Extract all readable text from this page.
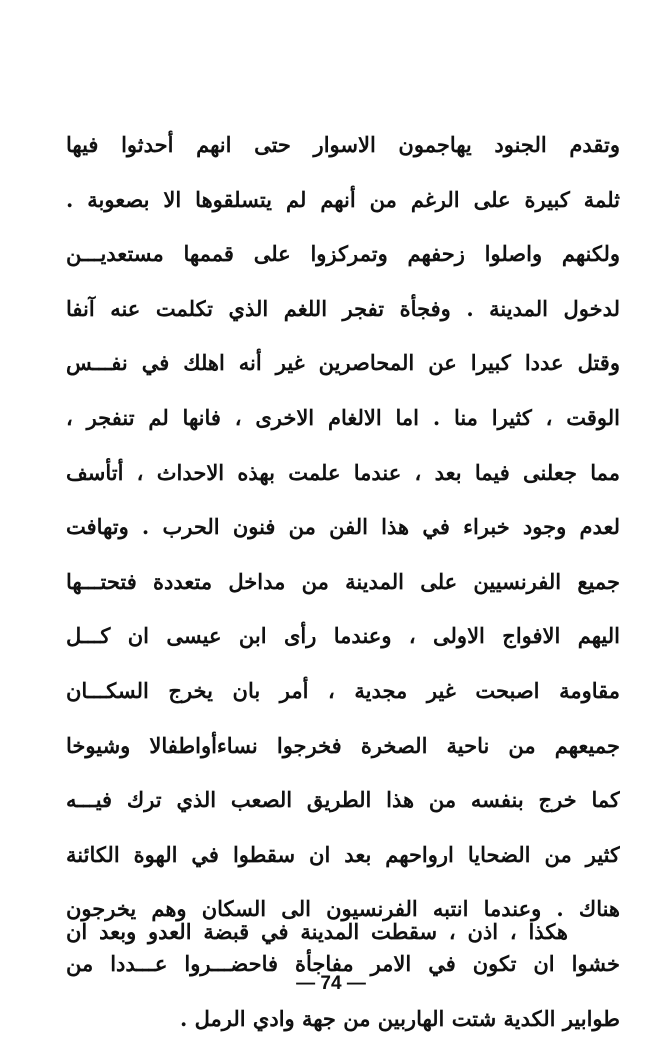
وتقدم الجنود يهاجمون الاسوار حتى انهم أحدثوا فيها
ثلمة كبيرة على الرغم من أنهم لم يتسلقوها الا بصعوبة .
ولكنهم واصلوا زحفهم وتمركزوا على قممها مستعديـــن
لدخول المدينة . وفجأة تفجر اللغم الذي تكلمت عنه آنفا
وقتل عددا كبيرا عن المحاصرين غير أنه اهلك في نفـــس
الوقت ، كثيرا منا . اما الالغام الاخرى ، فانها لم تنفجر ،
مما جعلنى فيما بعد ، عندما علمت بهذه الاحداث ، أتأسف
لعدم وجود خبراء في هذا الفن من فنون الحرب . وتهافت
جميع الفرنسيين على المدينة من مداخل متعددة فتحتـــها
اليهم الافواج الاولى ، وعندما رأى ابن عيسى ان كـــل
مقاومة اصبحت غير مجدية ، أمر بان يخرج السكـــان
جميعهم من ناحية الصخرة فخرجوا نساءأواطفالا وشيوخا
كما خرج بنفسه من هذا الطريق الصعب الذي ترك فيـــه
كثير من الضحايا ارواحهم بعد ان سقطوا في الهوة الكائنة
هناك . وعندما انتبه الفرنسيون الى السكان وهم يخرجون
خشوا ان تكون في الامر مفاجأة فاحضـــروا عـــددا من
طوابير الكدية شتت الهاربين من جهة وادي الرمل .
هكذا ، اذن ، سقطت المدينة في قبضة العدو وبعد ان
— 74 —
